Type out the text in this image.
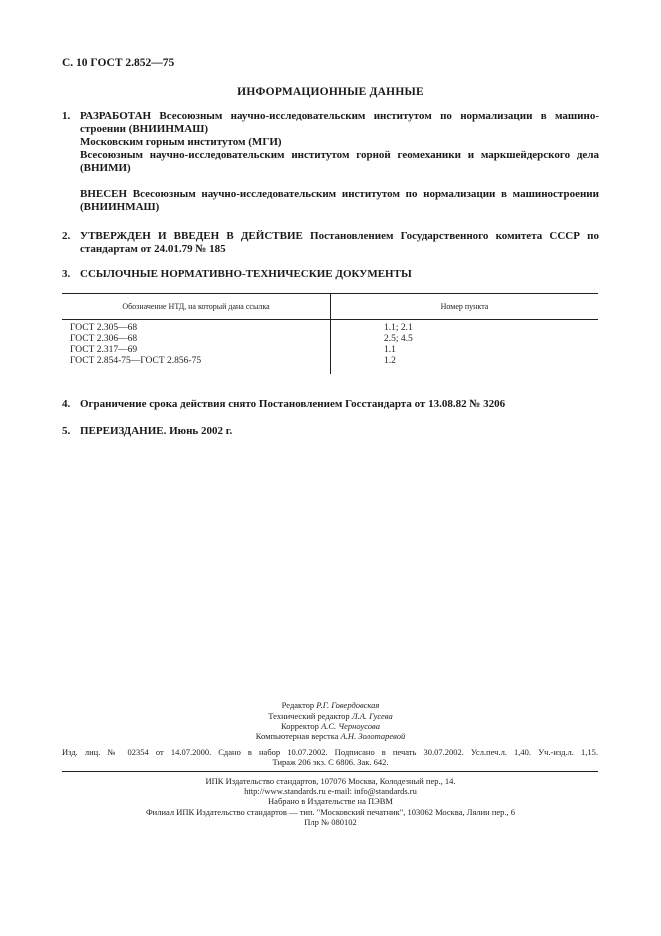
С. 10 ГОСТ 2.852—75
ИНФОРМАЦИОННЫЕ ДАННЫЕ
1. РАЗРАБОТАН Всесоюзным научно-исследовательским институтом по нормализации в машино-
строении (ВНИИНМАШ)
Московским горным институтом (МГИ)
Всесоюзным научно-исследовательским институтом горной геомеханики и маркшейдерского дела
(ВНИМИ)
ВНЕСЕН Всесоюзным научно-исследовательским институтом по нормализации в машиностроении
(ВНИИНМАШ)
2. УТВЕРЖДЕН И ВВЕДЕН В ДЕЙСТВИЕ Постановлением Государственного комитета СССР по
стандартам от 24.01.79 № 185
3. ССЫЛОЧНЫЕ НОРМАТИВНО-ТЕХНИЧЕСКИЕ ДОКУМЕНТЫ
Обозначение НТД, на который дана ссылка	Номер пункта
ГОСТ 2.305—68	1.1; 2.1
ГОСТ 2.306—68	2.5; 4.5
ГОСТ 2.317—69	1.1
ГОСТ 2.854-75—ГОСТ 2.856-75	1.2
4. Ограничение срока действия снято Постановлением Госстандарта от 13.08.82 № 3206
5. ПЕРЕИЗДАНИЕ. Июнь 2002 г.
Редактор Р.Г. Говердовская
Технический редактор Л.А. Гусева
Корректор А.С. Черноусова
Компьютерная верстка А.Н. Золотаревой
Изд. лиц. № 02354 от 14.07.2000. Сдано в набор 10.07.2002. Подписано в печать 30.07.2002. Усл.печ.л. 1,40. Уч.-изд.л. 1,15.
Тираж 206 экз. С 6806. Зак. 642.
ИПК Издательство стандартов, 107076 Москва, Колодезный пер., 14.
http://www.standards.ru e-mail: info@standards.ru
Набрано в Издательстве на ПЭВМ
Филиал ИПК Издательство стандартов — тип. "Московский печатник", 103062 Москва, Лялин пер., 6
Плр № 080102
